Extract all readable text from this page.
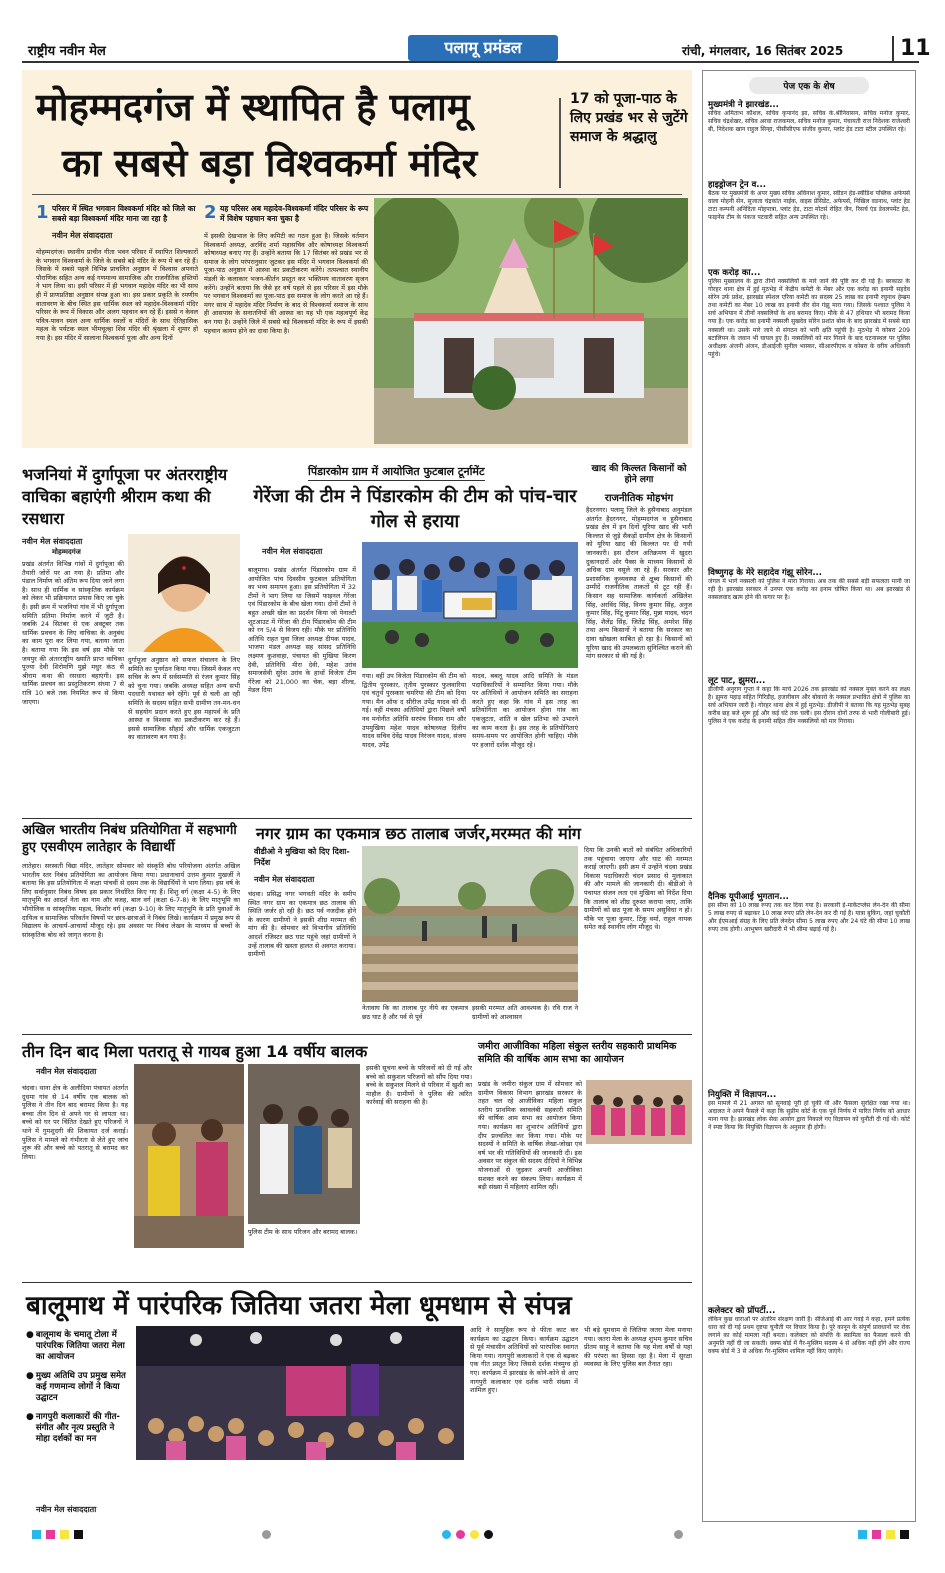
राष्ट्रीय नवीन मेल	पलामू प्रमंडल	रांची, मंगलवार, 16 सितंबर 2025	11
मोहम्मदगंज में स्थापित है पलामू
का सबसे बड़ा विश्वकर्मा मंदिर
17 को पूजा-पाठ के लिए प्रखंड भर से जुटेंगे समाज के श्रद्धालु
1 परिसर में स्थित भगवान विश्वकर्मा मंदिर को जिले का सबसे बड़ा विश्वकर्मा मंदिर माना जा रहा है	2 यह परिसर अब महादेव-विश्वकर्मा मंदिर परिसर के रूप में विशेष पहचान बना चुका है
नवीन मेल संवाददाता
मोहम्मदगंज। स्थानीय प्राचीन गीता भवन परिसर में स्थापित शिल्पकारों के भगवान विश्वकर्मा के जिले के सबसे बड़े मंदिर के रूप में बन रहे हैं। जिसके में सबसे पहले विभिन्न प्राचलित अनुष्ठान में विश्वास अपनाते पौराणिक सहित अन्य कई गणमान्य सामाजिक और राजनीतिक हस्तियों ने भाग लिया था। इसी परिसर में ही भगवान महादेव मंदिर का भी साथ ही में प्राणप्रतिष्ठा अनुष्ठान संपन्न हुआ था। इस प्रकार प्रकृति के रमणीय वातावरण के बीच स्थित इस धार्मिक स्थल को महादेव-विश्वकर्मा मंदिर परिसर के रूप में विकास और अलग पहचान बन रहे हैं। इससे न केवल पवित्र-पावन स्थल अन्य धार्मिक स्थलों व मंदिरों के साथ ऐतिहासिक महत्व के पर्यटक स्थल भीमचूल्हा शिव मंदिर की श्रृंखला में शुमार हो गया है। इस मंदिर में सालाना विश्वकर्मा पूजा और अन्य दिनों
में इसकी देखभाल के लिए कमिटी का गठन हुआ है। जिसके वर्तमान विश्वकर्मा अध्यक्ष, अरविंद शर्मा महासचिव और कोषाध्यक्ष विश्वकर्मा कोषाध्यक्ष बनाए गए हैं। उन्होंने बताया कि 17 सितंबर को प्रखंड भर से समाज के लोग परंपरानुसार जुटकर इस मंदिर में भगवान विश्वकर्मा की पूजा-पाठ अनुष्ठान में आस्था का प्रकटीकरण करेंगे। तत्पश्चात स्थानीय मंडली के कलाकार भजन-कीर्तन प्रस्तुत कर भक्तिमय वातावरण सृजन करेंगे। उन्होंने बताया कि जैसे हर वर्ष पहले से इस परिसर में इस मौके पर भगवान विश्वकर्मा का पूजा-पाठ इस समाज के लोग करते आ रहे हैं। मगर साथ में महादेव मंदिर निर्माण के बाद से विश्वकर्मा समाज के साथ ही आसपास के सनातनियों की आस्था का यह भी एक महत्वपूर्ण केंद्र बन गया है। उन्होंने जिले में सबसे बड़े विश्वकर्मा मंदिर के रूप में इसकी पहचान कायम होने का दावा किया है।
भजनियां में दुर्गापूजा पर अंतरराष्ट्रीय वाचिका बहाएंगी श्रीराम कथा की रसधारा
नवीन मेल संवाददाता
मोहम्मदगंज
प्रखंड अंतर्गत विभिन्न गांवों में दुर्गापूजा की तैयारी जोरों पर आ गया है। प्रतिमा और पंडाल निर्माण को अंतिम रूप दिया जाने लगा है। साथ ही धार्मिक व सांस्कृतिक कार्यक्रम को लेकर भी प्रक्रियागत प्रयास किए जा चुके हैं। इसी क्रम में भजनियां गांव में भी दुर्गापूजा समिति प्रतिमा निर्माण करने में जुटी है। जबकि 24 सितंबर से एक अक्टूबर तक धार्मिक प्रवचन के लिए वाचिका के अनुबंध का काम पूरा कर लिया गया, बताया जाता है। बताया गया कि इस वर्ष इस मौके पर जयपुर की अंतरराष्ट्रीय ख्याति प्राप्त वाचिका पूज्या देवी शिरोमणि मुझे मधुर कंठ से श्रीराम कथा की रसधारा बहाएंगी। इस धार्मिक प्रवचन का प्रस्तुतिकरण संध्या 7 से रात्रि 10 बजे तक नियमित रूप से किया जाएगा।
दुर्गापूजा अनुष्ठान को सफल संचालन के लिए समिति का पुनर्गठन किया गया। जिसमें केवल नए सचिव के रूप में सर्वसम्मति से रंजन कुमार सिंह को चुना गया। जबकि अध्यक्ष सहित अन्य सभी पदधारी यथावत बने रहेंगे। पूर्व से चली आ रही समिति के सदस्य सहित सभी ग्रामीण तन-मन-धन से सहयोग प्रदान करते हुए इस महापर्व के प्रति आस्था व विश्वास का प्रकटीकरण कर रहे हैं। इससे सामाजिक सौहार्द और धार्मिक एकजुटता का वातावरण बन गया है।
पिंडारकोम ग्राम में आयोजित फुटबाल टूर्नामेंट
गेरेंजा की टीम ने पिंडारकोम की टीम को पांच-चार गोल से हराया
नवीन मेल संवाददाता
बालूमाथ। प्रखंड अंतर्गत पिंडारकोम ग्राम में आयोजित पांच दिवसीय फुटबाल प्रतियोगिता का भव्य समापन हुआ। इस प्रतियोगिता में 32 टीमों ने भाग लिया था जिसमें फाइनल गेरेंजा एवं पिंडारकोम के बीच खेला गया। दोनों टीमों ने बहुत अच्छी खेल का प्रदर्शन किया जो पेनाल्टी शूटआउट में गेरेंजा की टीम पिंडारकोम की टीम को रन 5/4 से विजय रही। मौके पर प्रतिनिधि अतिथि राहत युवा जिला अध्यक्ष दीपक यादव, भाजपा मंडल अध्यक्ष सह सांसद प्रतिनिधि लक्ष्मण कुशवाहा, पंचायत की मुखिया किरण देवी, प्रतिनिधि मीरा देवी, महेश उरांव समाजसेवी सुरेश उरांव के हाथों विजेता टीम गेरेंजा को 21,000 का चेक, बड़ा शील्ड, मेडल दिया
गया। वहीं उप विजेता पिंडारकोम की टीम को द्वितीय पुरस्कार, तृतीय पुरस्कार फुलवारिया एवं चतुर्थ पुरस्कार चमरिया की टीम को दिया गया। मैन ऑफ द सीरीज उपेंद्र यादव को दी गई। वहीं मंचस्थ अतिथियों द्वारा पिछले वर्षों नव मनोनीत अतिथि सरपंच निवास राम और उपमुखिया महेश यादव कोषाध्यक्ष दिलीप यादव सचिव देवेंद्र यादव निरंजन यादव, संजय यादव, उपेंद्र
यादव, बबलू यादव आदि समिति के मंडल पदाधिकारियों ने सम्मानित किया गया। मौके पर अतिथियों ने आयोजन समिति का सराहना करते हुए कहा कि गांव में इस तरह का प्रतियोगिता का आयोजन होना गांव का एकजुटता, शांति व खेल प्रतिभा को उभारने का काम करता है। इस तरह के प्रतियोगिताएं समय-समय पर आयोजित होनी चाहिए। मौके पर हजारों दर्शक मौजूद रहे।
खाद की किल्लत किसानों को होने लगा
राजनीतिक मोहभंग
हैदरनगर। पलामू जिले के हुसैनाबाद अनुमंडल अंतर्गत हैदरनगर, मोहम्मदगंज व हुसैनाबाद प्रखंड क्षेत्र में इन दिनों यूरिया खाद की भारी किल्लत से जुड़े सैकड़ों ग्रामीण क्षेत्र के किसानों को यूरिया खाद की किल्लत पर दी गयी जानकारी। इस दौरान अतिक्रमण में खुदरा दुकानदारों ओर पैक्स के माध्यम किसानों से अधिक दाम वसूले जा रहे हैं। सरकार और प्रशासनिक कुव्यवस्था से क्षुब्ध किसानों की उम्मीदें राजनीतिक ताकतों से टूट रही हैं। किसान सह सामाजिक कार्यकर्ता अखिलेश सिंह, अरविंद सिंह, विनय कुमार सिंह, अनुज कुमार सिंह, पिंटू कुमार सिंह, मुन्ना यादव, चंदन सिंह, शैलेंद्र सिंह, जितेंद्र सिंह, अमरेश सिंह तथा अन्य किसानों ने बताया कि सरकार का दावा खोखला साबित हो रहा है। किसानों को यूरिया खाद की उपलब्धता सुनिश्चित कराने की मांग सरकार से की गई है।
अखिल भारतीय निबंध प्रतियोगिता में सहभागी हुए एसवीएम लातेहार के विद्यार्थी
लातेहार। सरस्वती विद्या मंदिर, लातेहार सोमवार को संस्कृति बोध परियोजना अंतर्गत अखिल भारतीय स्तर निबंध प्रतियोगिता का आयोजन किया गया। प्रधानाचार्य उत्तम कुमार मुखर्जी ने बताया कि इस प्रतियोगिता में कक्षा पांचवीं से दसम तक के विद्यार्थियों ने भाग लिया। इस वर्ष के लिए सर्वानुसार निबंध विषय इस प्रकार निर्धारित किए गए हैं। शिशु वर्ग (कक्षा 4-5) के लिए मातृभूमि का आदर्श नेता का नाम और वजह, बाल वर्ग (कक्षा 6-7-8) के लिए मातृभूमि का भौगोलिक व सांस्कृतिक महत्व, किशोर वर्ग (कक्षा 9-10) के लिए मातृभूमि के प्रति युवाओं के दायित्व व सामाजिक परिवर्तन विषयों पर छात्र-छात्राओं ने निबंध लिखे। कार्यक्रम में प्रमुख रूप से विद्यालय के आचार्य-आचार्या मौजूद रहे। इस अवसर पर निबंध लेखन के माध्यम से बच्चों के सांस्कृतिक बोध को जागृत करना है।
नगर ग्राम का एकमात्र छठ तालाब जर्जर,मरम्मत की मांग
वीडीओ ने मुखिया को दिए दिशा-निर्देश
नवीन मेल संवाददाता
चंदवा। प्रसिद्ध नगर भगवती मंदिर के समीप स्थित नगर ग्राम का एकमात्र छठ तालाब की स्थिति जर्जर हो रही है। छठ पर्व नजदीक होने के कारण ग्रामीणों ने इसकी शीघ्र मरम्मत की मांग की है। सोमवार को विभागीय प्रतिनिधि आदर्श रजिस्टर छठ घाट पहुंचे जहां ग्रामीणों ने उन्हें तालाब की खस्ता हालत से अवगत कराया। ग्रामीणों
नेतावाघ कि का तालाब पुर नीये का एकमात्र छठ घाट है और पर्व से पूर्व
इसकी मरम्मत अति आवश्यक है। रवि राज ने ग्रामीणों को आश्वासन
दिया कि उनकी बातों को संबंधित अधिकारियों तक पहुंचाया जाएगा और घाट की मरम्मत कराई जाएगी। इसी क्रम में उन्होंने चंदवा प्रखंड विकास पदाधिकारी चंदन प्रसाद से मुलाकात की और मामले की जानकारी दी। बीडीओ ने पंचायत संजन लता एवं मुखिया को निर्देश दिया कि तालाब को शीघ्र दुरुस्त कराया जाए, ताकि ग्रामीणों को छठ पूजा के समय असुविधा न हो। मौके पर पूजा कुमार, टिंकू वर्मा, राहुल नायक समेत कई स्थानीय लोग मौजूद थे।
तीन दिन बाद मिला पतरातू से गायब हुआ 14 वर्षीय बालक
नवीन मेल संवाददाता
चंदवा। थाना क्षेत्र के अलौदिया पंचायत अंतर्गत दुधमा गांव से 14 वर्षीय एक बालक को पुलिस ने तीन दिन बाद बरामद किया है। यह बच्चा तीन दिन से अपने घर से लापता था। बच्चे को घर पर चिंतित देखते हुए परिजनों ने थाने में गुमशुदगी की शिकायत दर्ज कराई। पुलिस ने मामले को गंभीरता से लेते हुए जांच शुरू की और बच्चे को पतरातू से बरामद कर लिया।
पुलिस टीम के साथ परिजन और बरामद बालक।
इसकी सूचना बच्चे के परिजनों को दी गई और बच्चे को सकुशल परिजनों को सौंप दिया गया। बच्चे के सकुशल मिलने से परिवार में खुशी का माहौल है। ग्रामीणों ने पुलिस की त्वरित कार्रवाई की सराहना की है।
जमीरा आजीविका महिला संकुल स्तरीय सहकारी प्राथमिक समिति की वार्षिक आम सभा का आयोजन
प्रखंड के जमीरा संकुल ग्राम में सोमवार को ग्रामीण विकास विभाग झारखंड सरकार के तहत चल रहे आजीविका महिला संकुल स्तरीय प्राथमिक स्वावलंबी सहकारी समिति की वार्षिक आम सभा का आयोजन किया गया। कार्यक्रम का शुभारंभ अतिथियों द्वारा दीप प्रज्वलित कर किया गया। मौके पर सदस्यों ने समिति के वार्षिक लेखा-जोखा एवं वर्ष भर की गतिविधियों की जानकारी दी। इस अवसर पर संकुल की सदस्य दीदियों ने विभिन्न योजनाओं से जुड़कर अपनी आजीविका सशक्त करने का संकल्प लिया। कार्यक्रम में बड़ी संख्या में महिलाएं शामिल रहीं।
बालूमाथ में पारंपरिक जितिया जतरा मेला धूमधाम से संपन्न
● बालूमाथ के चमातू टोला में पारंपरिक जितिया जतरा मेला का आयोजन
● मुख्य अतिथि उप प्रमुख समेत कई गणमान्य लोगों ने किया उद्घाटन
● नागपुरी कलाकारों की गीत-संगीत और नृत्य प्रस्तुति ने मोहा दर्शकों का मन
नवीन मेल संवाददाता
आदि ने सामूहिक रूप से फीता काट कर कार्यक्रम का उद्घाटन किया। कार्यक्रम उद्घाटन से पूर्व मंचासीन अतिथियों को पारंपरिक स्वागत किया गया। नागपुरी कलाकारों ने एक से बढ़कर एक गीत प्रस्तुत किए जिससे दर्शक मंत्रमुग्ध हो गए। कार्यक्रम में झारखंड के कोने-कोने से आए नागपुरी कलाकार एवं दर्शक भारी संख्या में शामिल हुए।
भी बड़े धूमधाम से जितिया जतरा मेला मनाया गया। जतरा मेला के अध्यक्ष शुभम कुमार सचिव प्रीतम साहू ने बताया कि यह मेला वर्षों से यहां की परंपरा का हिस्सा रहा है। मेला में सुरक्षा व्यवस्था के लिए पुलिस बल तैनात रहा।
पेज एक के शेष
मुख्यमंत्री ने झारखंड...
सचिव अमिताभ कौशल, सचिव कृपानंद झा, सचिव के.श्रीनिवासन, सचिव मनोज कुमार, सचिव चंद्रशेखर, सचिव अरवा राजकमल, सचिव मनोज कुमार, पंचायती राज निदेशक राजेश्वरी बी, निदेशक खान राहुल सिन्हा, पीसीसीएफ संजीव कुमार, प्लांट हेड टाटा स्टील उपस्थित रहे।
हाइड्रोजन ट्रेन व...
बैठक पर मुख्यमंत्री के अपर मुख्य सचिव अविनाश कुमार, स्वीडन हेड-स्वीडिश पब्लिक अफेयर्स वाला मोहनी सेन, सुजाता चंद्रकांत नाईक, वाइस प्रेसिडेंट, अफेयर्स, निखिल वडनाथ, प्लांट हेड टाटा कम्पनी अनिंदिता मोहपात्रा, प्लांट हेड, टाटा मोटर्स रोहित जैन, रिसर्च एंड डेवलपमेंट हेड, फाइनेंस टीम के पंकज पटवारी सहित अन्य उपस्थित रहे।
एक करोड़ का...
पुलिस मुख्यालय के द्वारा तीनों नक्सलियों के मारे जाने की पुष्टि कर दी गई है। बरकाठा के गोरहर थाना क्षेत्र में हुई मुठभेड़ में केंद्रीय कमेटी के मेंबर और एक करोड़ का इनामी सहदेव सोरेन उर्फ प्रवेश, झारखंड स्पेशल एरिया कमेटी का सदस्य 25 लाख का इनामी रघुनाथ हेम्ब्रम तथा कमेटी का मेंबर 10 लाख का इनामी वीर सेन गंझू मारा गया। जिसके पश्चात पुलिस ने सर्च अभियान में तीनों नक्सलियों के शव बरामद किए। मौके से 47 हथियार भी बरामद किया गया है। एक करोड़ का इनामी नक्सली सुखदेव सोरेन प्रशांत बोस के बाद झारखंड में सबसे बड़ा नक्सली था। उसके मारे जाने से संगठन को भारी क्षति पहुंची है। मुठभेड़ में कोबरा 209 बटालियन के जवान भी घायल हुए हैं। नक्सलियों को मार गिराने के बाद घटनास्थल पर पुलिस अधीक्षक अंजनी अंजन, डीआईजी सुनील भास्कर, सीआरपीएफ व कोबरा के वरीय अधिकारी पहुंचे।
विष्णुगढ़ के मेरे सहादेव गंझू सोरेन...
जंगल में भागे नक्सली को पुलिस ने मारा गिराया। अब तक की सबसे बड़ी सफलता मानी जा रही है। झारखंड सरकार ने उनपर एक करोड़ का इनाम घोषित किया था। अब झारखंड से नक्सलवाद खत्म होने की कगार पर है।
लूट पाट, झुमरा...
डीजीपी अनुराग गुप्ता ने कहा कि मार्च 2026 तक झारखंड को नक्सल मुक्त करने का लक्ष्य है। झुमरा पहाड़ सहित गिरिडीह, हजारीबाग और बोकारो के नक्सल प्रभावित क्षेत्रों में पुलिस का सर्च अभियान जारी है। गोरहर थाना क्षेत्र में हुई मुठभेड़: डीजीपी ने बताया कि यह मुठभेड़ सुबह करीब छह बजे शुरू हुई और कई घंटे तक चली। इस दौरान दोनों तरफ से भारी गोलीबारी हुई। पुलिस ने एक करोड़ के इनामी सहित तीन नक्सलियों को मार गिराया।
दैनिक यूपीआई भुगतान...
इस सीमा को 10 लाख रुपए तक कर दिया गया है। सरकारी ई-मार्केटप्लेस लेन-देन की सीमा 5 लाख रुपए से बढ़ाकर 10 लाख रुपए प्रति लेन-देन कर दी गई है। यात्रा बुकिंग, जहां चुकौती और ईएमआई संग्रह के लिए प्रति लेनदेन सीमा 5 लाख रुपए और 24 घंटे की सीमा 10 लाख रुपए तक होगी। आभूषण खरीदारी में भी सीमा बढ़ाई गई है।
नियुक्ति में विज्ञापन...
इस मामले में 21 अगस्त को सुनवाई पूरी हो चुकी थी और फैसला सुरक्षित रखा गया था। अदालत ने अपने फैसले में कहा कि सुप्रीम कोर्ट के एक पूर्व निर्णय में पारित निर्णय को आधार माना गया है। झारखंड लोक सेवा आयोग द्वारा निकाले गए विज्ञापन को चुनौती दी गई थी। कोर्ट ने स्पष्ट किया कि नियुक्ति विज्ञापन के अनुसार ही होगी।
कलेक्टर को प्रॉपर्टी...
लेकिन कुछ धाराओं पर अंतरिम संरक्षण जारी है। सीजेआई बी आर गवई ने कहा, हमने प्रत्येक धारा को दी गई प्रथम दृष्टया चुनौती पर विचार किया है। पूरे कानून के संपूर्ण प्रावधानों पर रोक लगाने का कोई मामला नहीं बनता। कलेक्टर को संपत्ति के स्वामित्व का फैसला करने की अनुमति नहीं दी जा सकती। वक्फ बोर्ड में गैर-मुस्लिम सदस्य 4 से अधिक नहीं होंगे और राज्य वक्फ बोर्ड में 3 से अधिक गैर-मुस्लिम शामिल नहीं किए जाएंगे।
